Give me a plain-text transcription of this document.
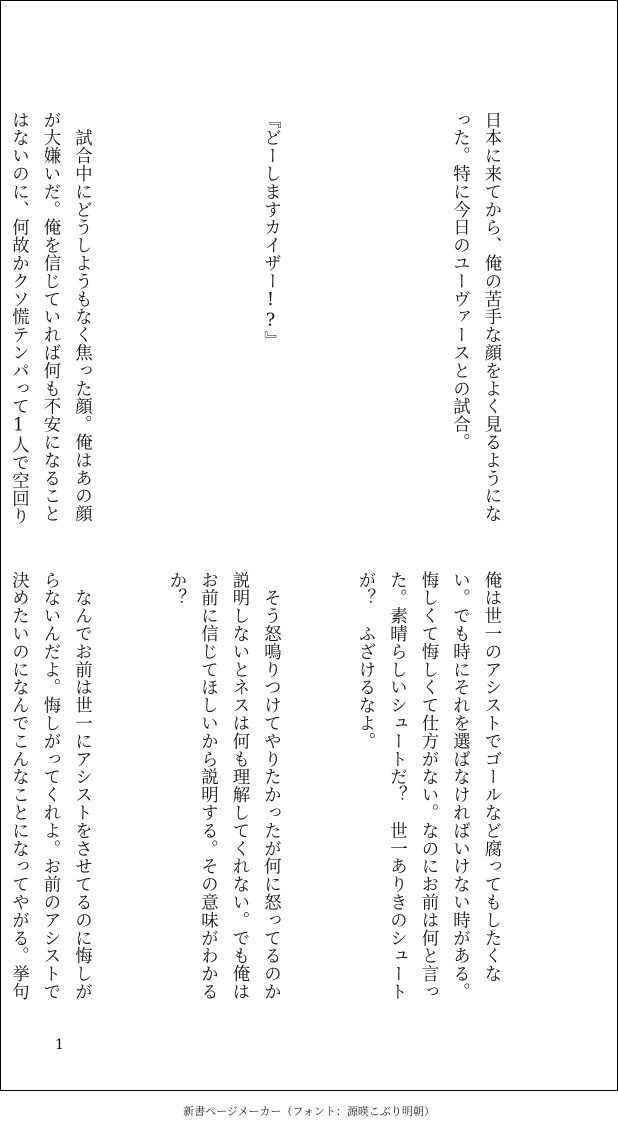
日本に来てから、俺の苦手な顔をよく見るようになった。特に今日のユーヴァースとの試合。

『どーしますカイザー!?』

　試合中にどうしようもなく焦った顔。俺はあの顔が大嫌いだ。俺を信じていれば何も不安になることはないのに、何故かクソ慌テンパって1人で空回り

俺は世一のアシストでゴールなど腐ってもしたくない。でも時にそれを選ばなければいけない時がある。悔しくて悔しくて仕方がない。なのにお前は何と言った。素晴らしいシュートだ？　世一ありきのシュートが？　ふざけるなよ。

　そう怒鳴りつけてやりたかったが何に怒ってるのか説明しないとネスは何も理解してくれない。でも俺はお前に信じてほしいから説明する。その意味がわかるか？

　なんでお前は世一にアシストをさせてるのに悔しがらないんだよ。悔しがってくれよ。お前のアシストで決めたいのになんでこんなことになってやがる。挙句

1
新書ページメーカー（フォント：源暎こぶり明朝）
